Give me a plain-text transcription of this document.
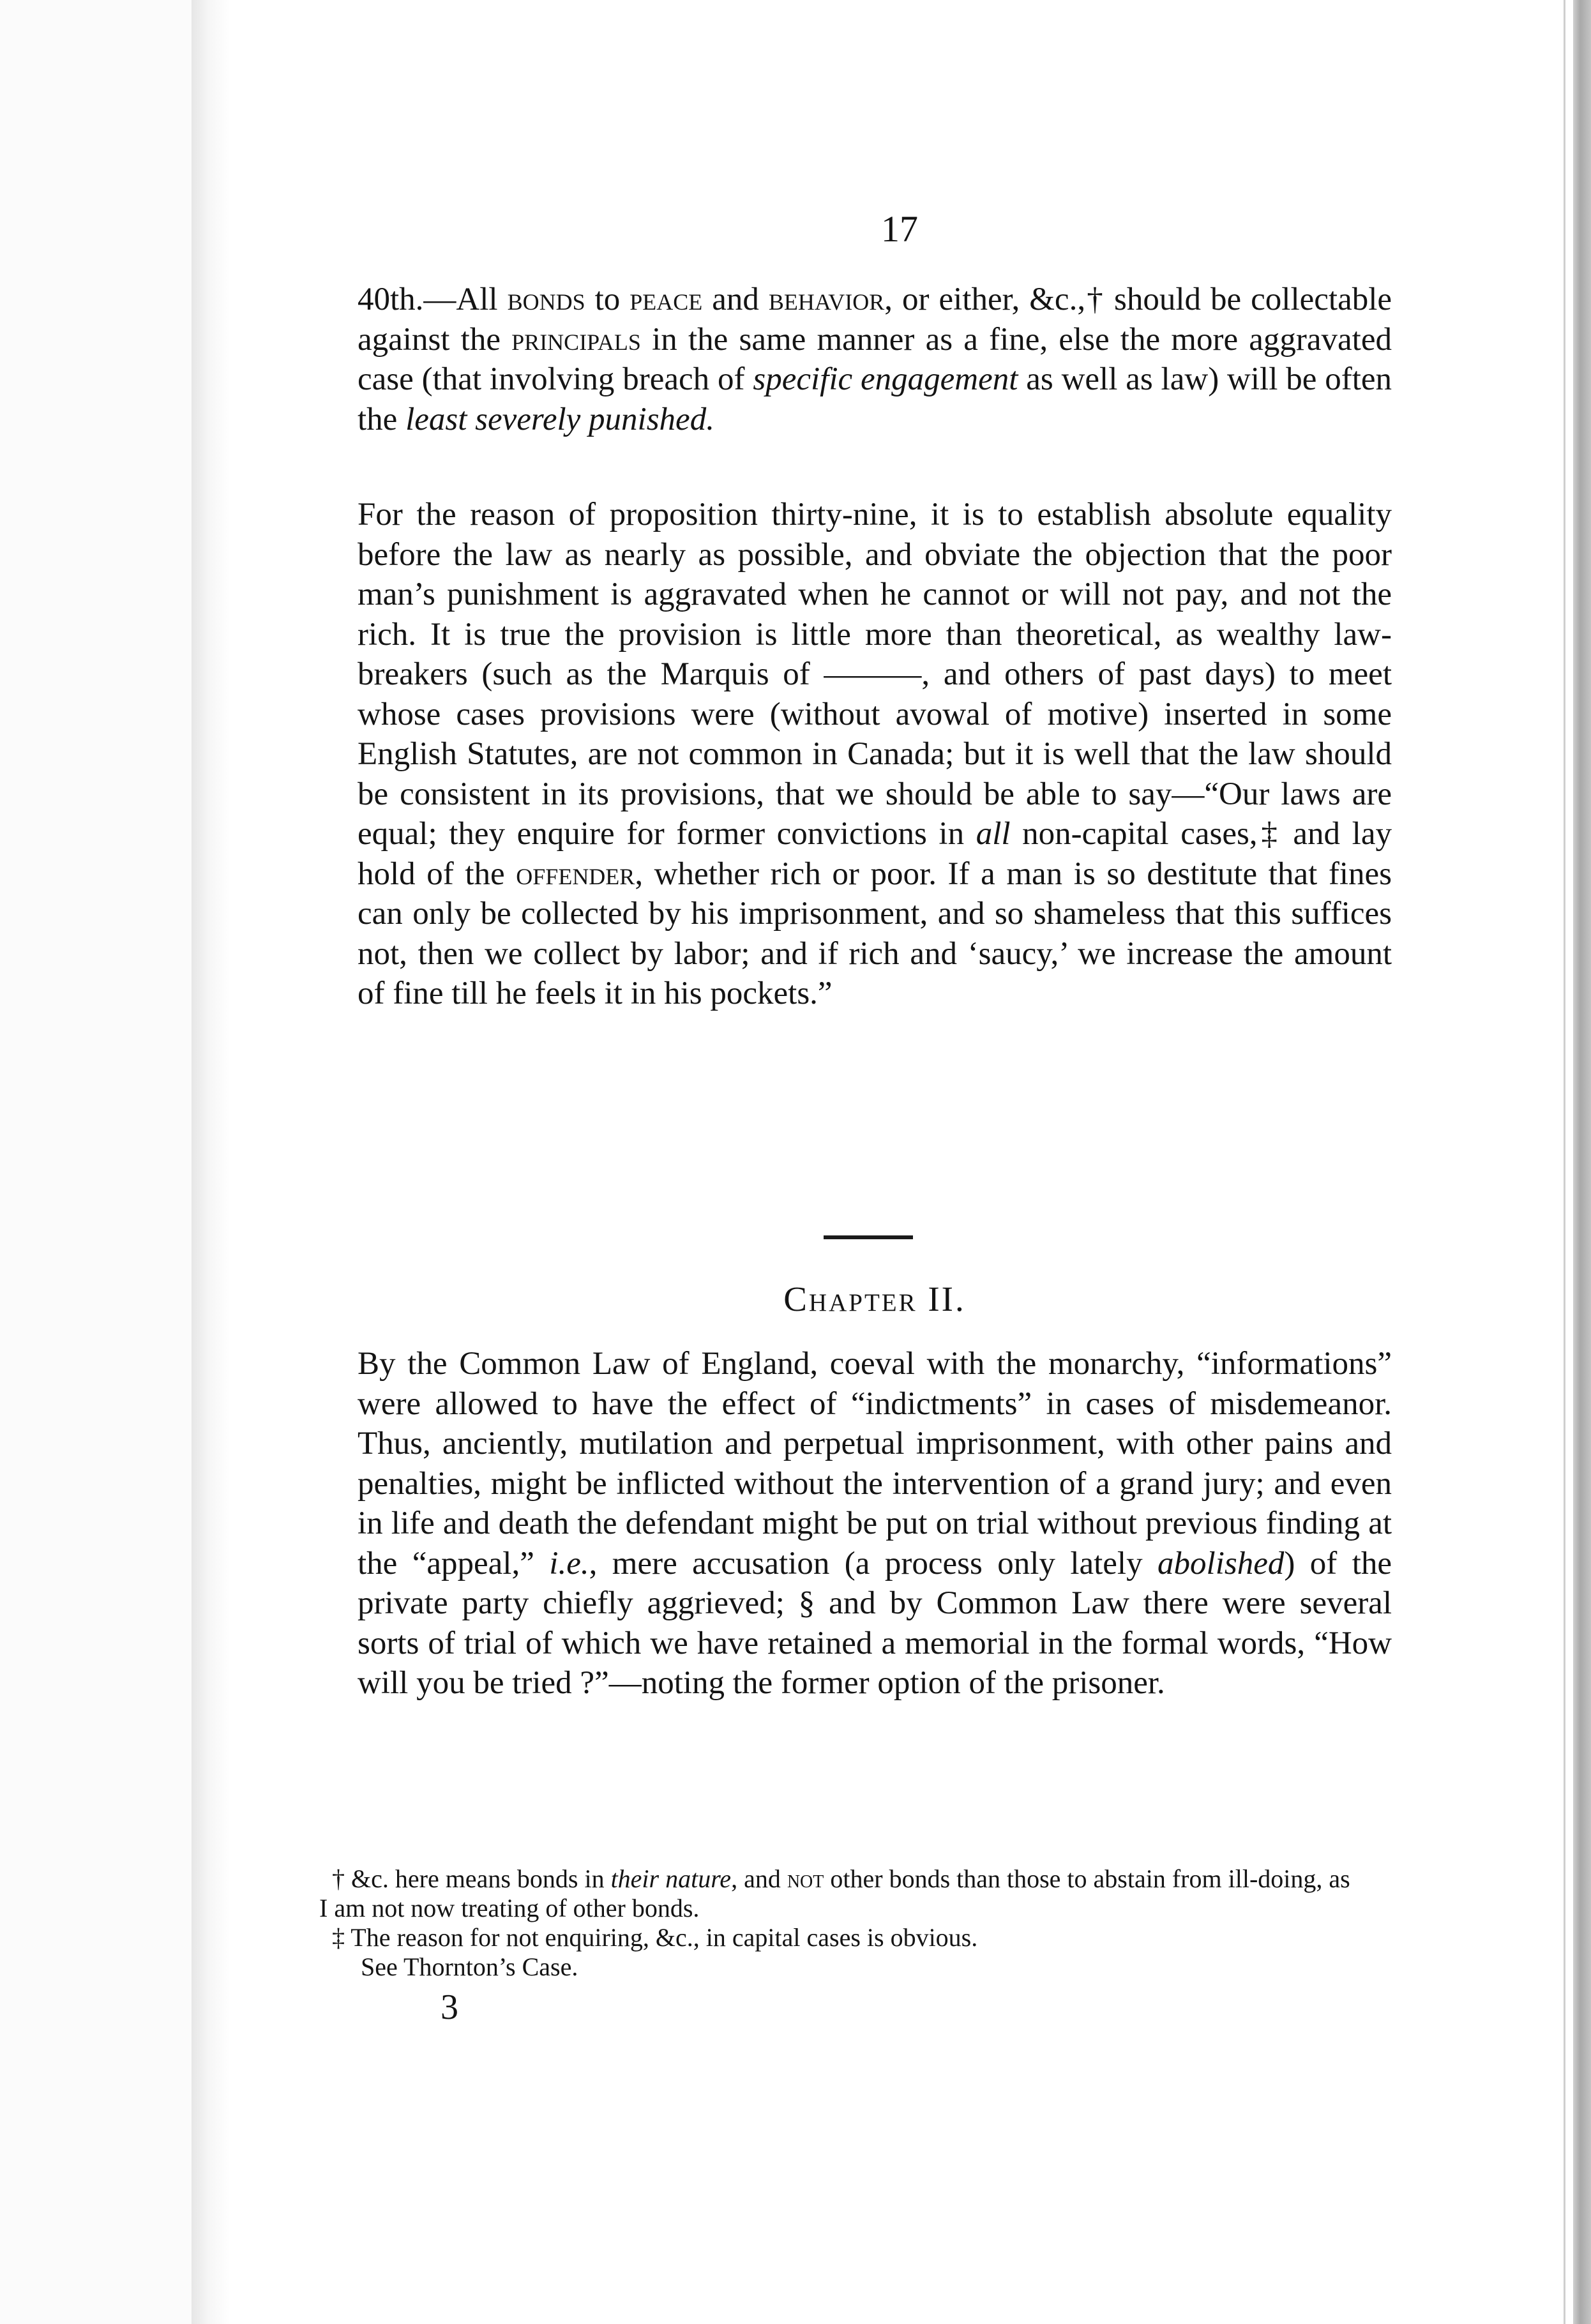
17

40th.—All bonds to peace and behavior, or either, &c.,† should be collectable against the principals in the same manner as a fine, else the more aggravated case (that involving breach of specific engagement as well as law) will be often the least severely punished.

For the reason of proposition thirty-nine, it is to establish absolute equality before the law as nearly as possible, and obviate the objection that the poor man’s punishment is aggravated when he cannot or will not pay, and not the rich. It is true the provision is little more than theoretical, as wealthy law-breakers (such as the Marquis of ———, and others of past days) to meet whose cases provisions were (without avowal of motive) inserted in some English Statutes, are not common in Canada; but it is well that the law should be consistent in its provisions, that we should be able to say—“Our laws are equal; they enquire for former convictions in all non-capital cases,‡ and lay hold of the offender, whether rich or poor. If a man is so destitute that fines can only be collected by his imprisonment, and so shameless that this suffices not, then we collect by labor; and if rich and ‘saucy,’ we increase the amount of fine till he feels it in his pockets.”

Chapter II.

By the Common Law of England, coeval with the monarchy, “informations” were allowed to have the effect of “indictments” in cases of misdemeanor. Thus, anciently, mutilation and perpetual imprisonment, with other pains and penalties, might be inflicted without the intervention of a grand jury; and even in life and death the defendant might be put on trial without previous finding at the “appeal,” i.e., mere accusation (a process only lately abolished) of the private party chiefly aggrieved; § and by Common Law there were several sorts of trial of which we have retained a memorial in the formal words, “How will you be tried ?”—noting the former option of the prisoner.

† &c. here means bonds in their nature, and not other bonds than those to abstain from ill-doing, as I am not now treating of other bonds.

‡ The reason for not enquiring, &c., in capital cases is obvious.

See Thornton’s Case.

3
